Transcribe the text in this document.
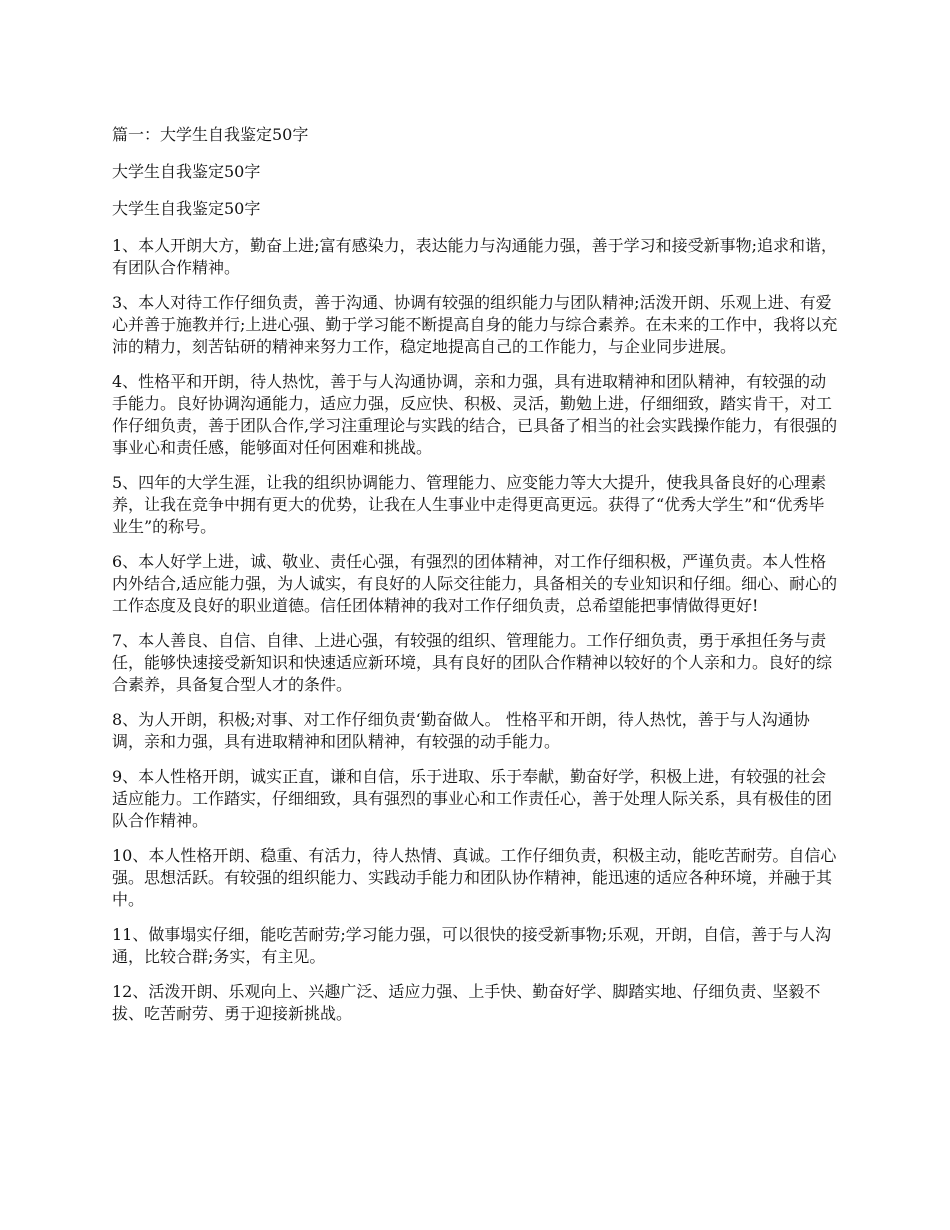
篇一：大学生自我鉴定50字

大学生自我鉴定50字

大学生自我鉴定50字

1、本人开朗大方，勤奋上进;富有感染力，表达能力与沟通能力强，善于学习和接受新事物;追求和谐，有团队合作精神。

3、本人对待工作仔细负责，善于沟通、协调有较强的组织能力与团队精神;活泼开朗、乐观上进、有爱心并善于施教并行;上进心强、勤于学习能不断提高自身的能力与综合素养。在未来的工作中，我将以充沛的精力，刻苦钻研的精神来努力工作，稳定地提高自己的工作能力，与企业同步进展。

4、性格平和开朗，待人热忱，善于与人沟通协调，亲和力强，具有进取精神和团队精神，有较强的动手能力。良好协调沟通能力，适应力强，反应快、积极、灵活，勤勉上进，仔细细致，踏实肯干，对工作仔细负责，善于团队合作,学习注重理论与实践的结合，已具备了相当的社会实践操作能力，有很强的事业心和责任感，能够面对任何困难和挑战。

5、四年的大学生涯，让我的组织协调能力、管理能力、应变能力等大大提升，使我具备良好的心理素养，让我在竞争中拥有更大的优势，让我在人生事业中走得更高更远。获得了“优秀大学生”和“优秀毕业生”的称号。

6、本人好学上进，诚、敬业、责任心强，有强烈的团体精神，对工作仔细积极，严谨负责。本人性格内外结合,适应能力强，为人诚实，有良好的人际交往能力，具备相关的专业知识和仔细。细心、耐心的工作态度及良好的职业道德。信任团体精神的我对工作仔细负责，总希望能把事情做得更好!

7、本人善良、自信、自律、上进心强，有较强的组织、管理能力。工作仔细负责，勇于承担任务与责任，能够快速接受新知识和快速适应新环境，具有良好的团队合作精神以较好的个人亲和力。良好的综合素养，具备复合型人才的条件。

8、为人开朗，积极;对事、对工作仔细负责‘勤奋做人。 性格平和开朗，待人热忱，善于与人沟通协调，亲和力强，具有进取精神和团队精神，有较强的动手能力。

9、本人性格开朗，诚实正直，谦和自信，乐于进取、乐于奉献，勤奋好学，积极上进，有较强的社会适应能力。工作踏实，仔细细致，具有强烈的事业心和工作责任心，善于处理人际关系，具有极佳的团队合作精神。

10、本人性格开朗、稳重、有活力，待人热情、真诚。工作仔细负责，积极主动，能吃苦耐劳。自信心强。思想活跃。有较强的组织能力、实践动手能力和团队协作精神，能迅速的适应各种环境，并融于其中。

11、做事塌实仔细，能吃苦耐劳;学习能力强，可以很快的接受新事物;乐观，开朗，自信，善于与人沟通，比较合群;务实，有主见。

12、活泼开朗、乐观向上、兴趣广泛、适应力强、上手快、勤奋好学、脚踏实地、仔细负责、坚毅不拔、吃苦耐劳、勇于迎接新挑战。
